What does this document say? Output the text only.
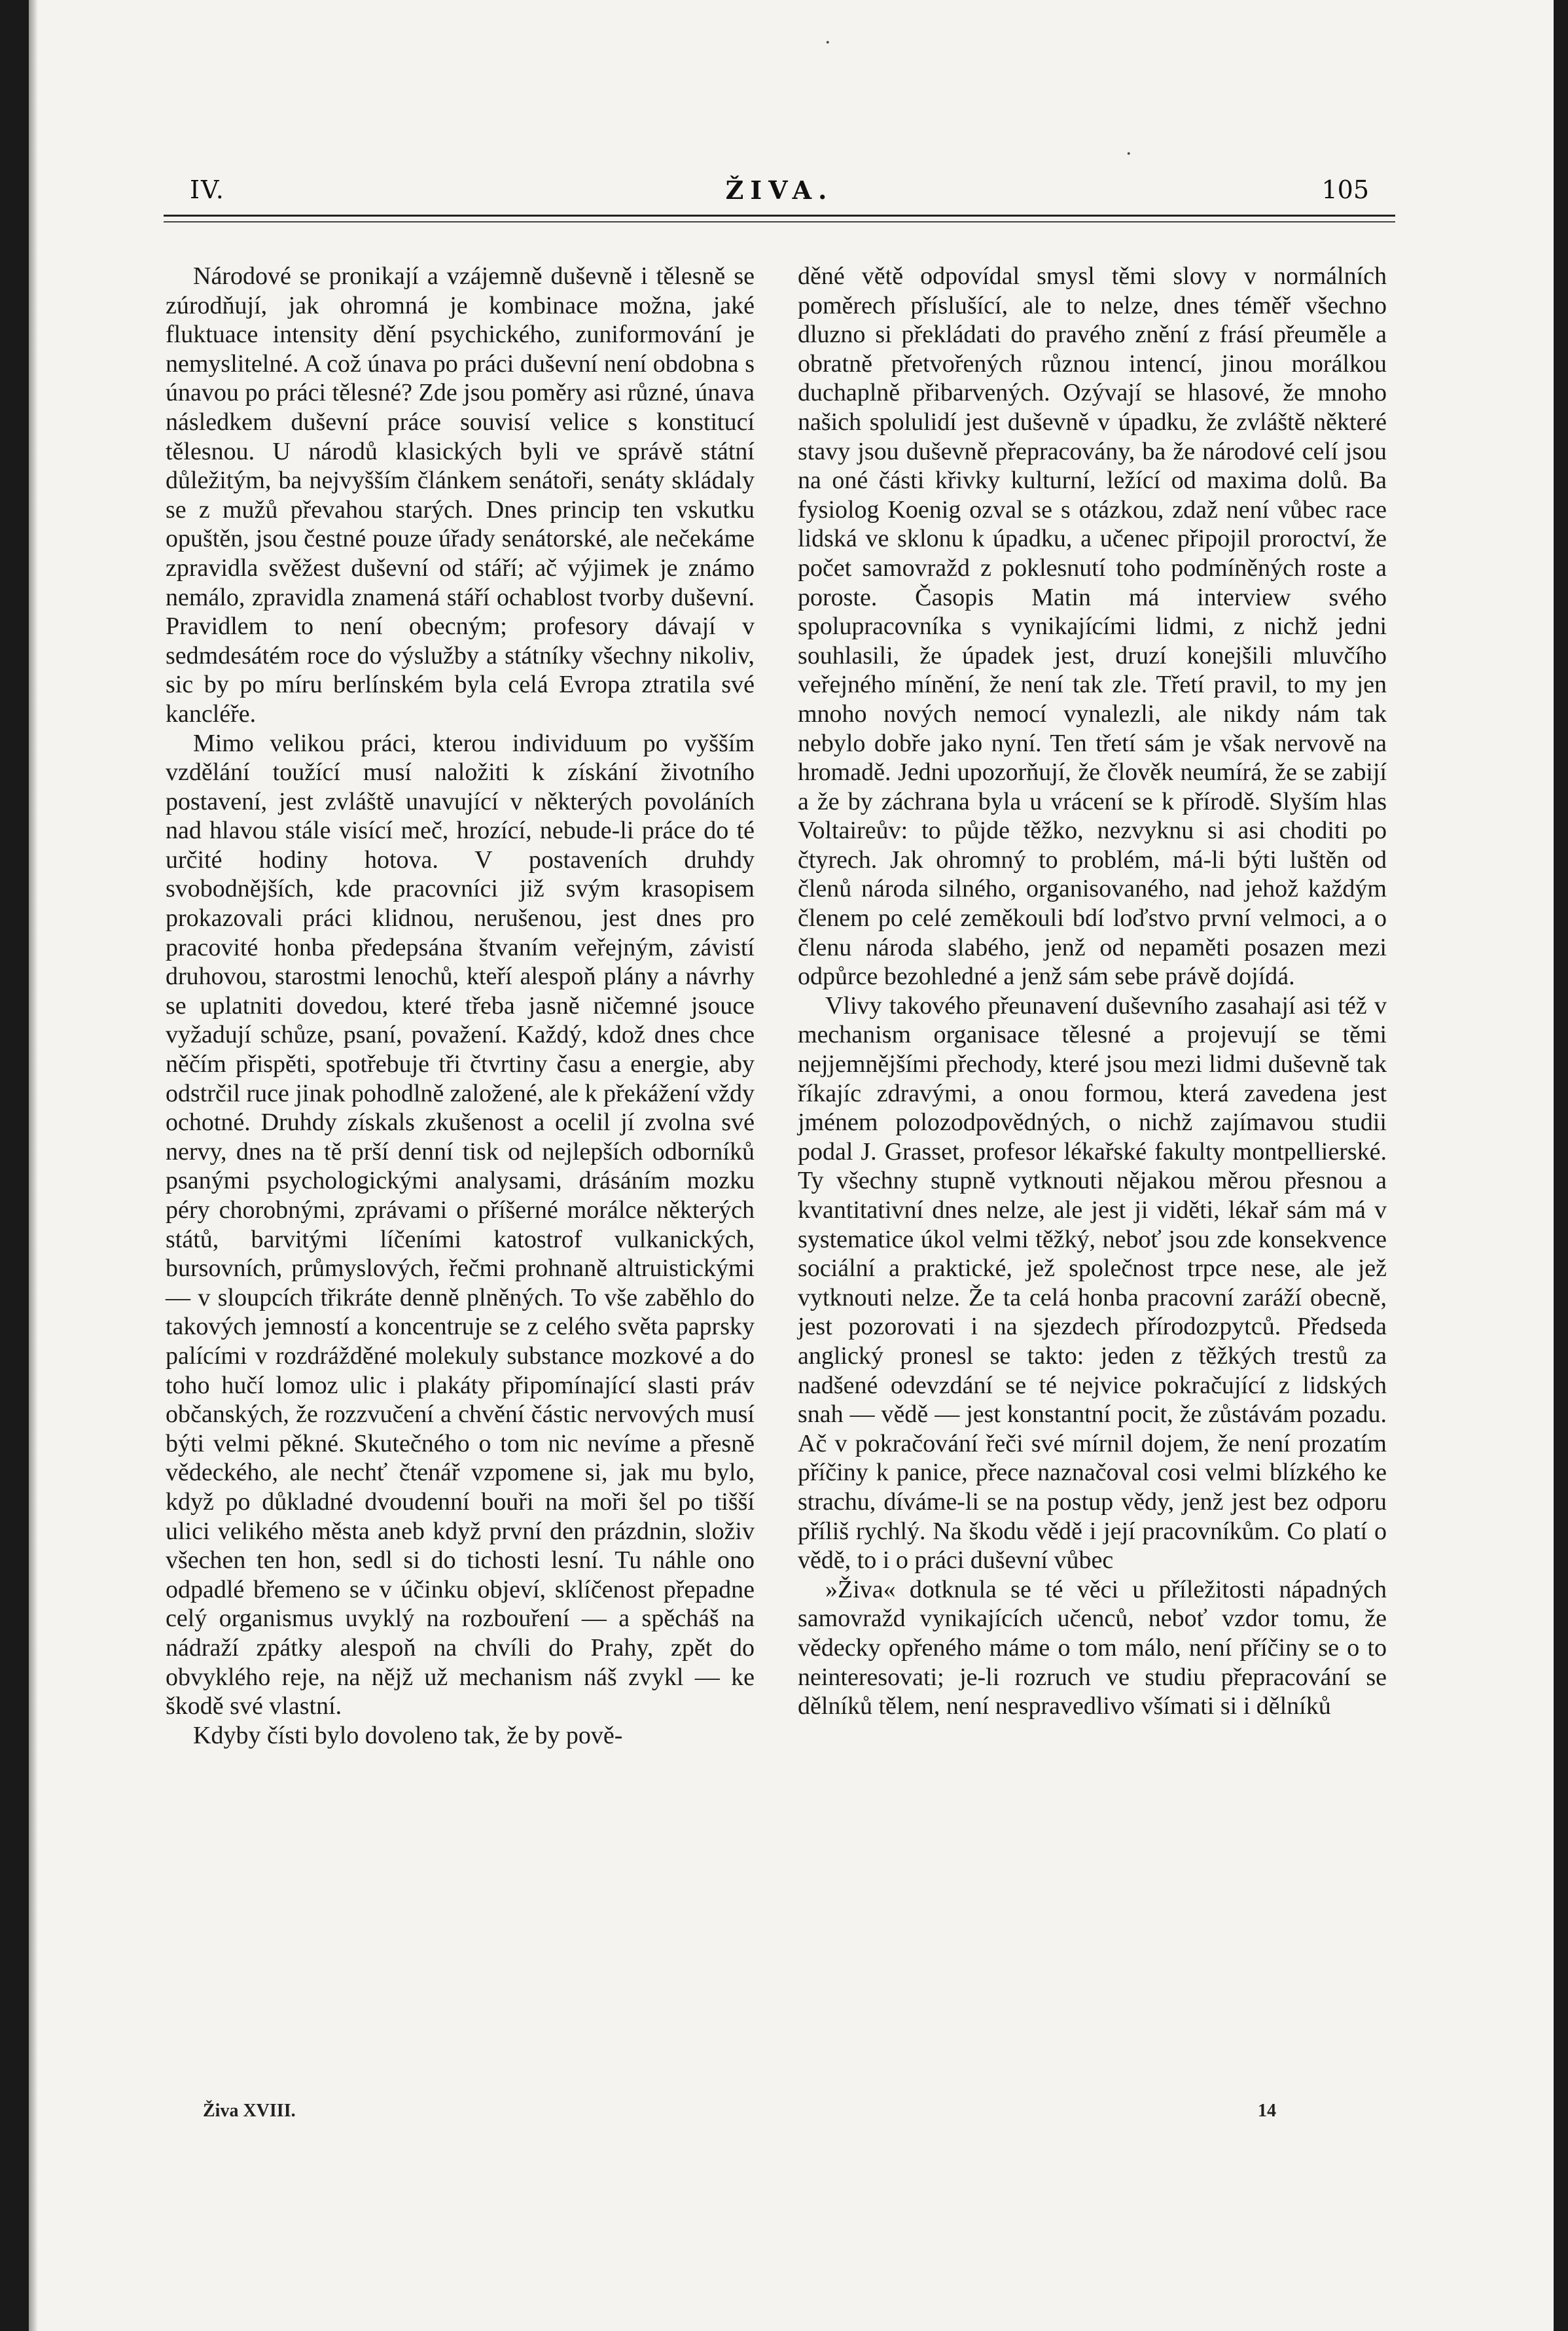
·
·
IV.	ŽIVA.	105

Národové se pronikají a vzájemně duševně i tělesně se zúrodňují, jak ohromná je kombinace možna, jaké fluktuace intensity dění psychického, zuniformování je nemyslitelné. A což únava po práci duševní není obdobna s únavou po práci tělesné? Zde jsou poměry asi různé, únava následkem duševní práce souvisí velice s konstitucí tělesnou. U národů klasických byli ve správě státní důležitým, ba nejvyšším článkem senátoři, senáty skládaly se z mužů převahou starých. Dnes princip ten vskutku opuštěn, jsou čestné pouze úřady senátorské, ale nečekáme zpravidla svěžest duševní od stáří; ač výjimek je známo nemálo, zpravidla znamená stáří ochablost tvorby duševní. Pravidlem to není obecným; profesory dávají v sedmdesátém roce do výslužby a státníky všechny nikoliv, sic by po míru berlínském byla celá Evropa ztratila své kancléře.

Mimo velikou práci, kterou individuum po vyšším vzdělání toužící musí naložiti k získání životního postavení, jest zvláště unavující v některých povoláních nad hlavou stále visící meč, hrozící, nebude-li práce do té určité hodiny hotova. V postaveních druhdy svobodnějších, kde pracovníci již svým krasopisem prokazovali práci klidnou, nerušenou, jest dnes pro pracovité honba předepsána štvaním veřejným, závistí druhovou, starostmi lenochů, kteří alespoň plány a návrhy se uplatniti dovedou, které třeba jasně ničemné jsouce vyžadují schůze, psaní, považení. Každý, kdož dnes chce něčím přispěti, spotřebuje tři čtvrtiny času a energie, aby odstrčil ruce jinak pohodlně založené, ale k překážení vždy ochotné. Druhdy získals zkušenost a ocelil jí zvolna své nervy, dnes na tě prší denní tisk od nejlepších odborníků psanými psychologickými analysami, drásáním mozku péry chorobnými, zprávami o příšerné morálce některých států, barvitými líčeními katostrof vulkanických, bursovních, průmyslových, řečmi prohnaně altruistickými — v sloupcích třikráte denně plněných. To vše zaběhlo do takových jemností a koncentruje se z celého světa paprsky palícími v rozdrážděné molekuly substance mozkové a do toho hučí lomoz ulic i plakáty připomínající slasti práv občanských, že rozzvučení a chvění částic nervových musí býti velmi pěkné. Skutečného o tom nic nevíme a přesně vědeckého, ale nechť čtenář vzpomene si, jak mu bylo, když po důkladné dvoudenní bouři na moři šel po tišší ulici velikého města aneb když první den prázdnin, složiv všechen ten hon, sedl si do tichosti lesní. Tu náhle ono odpadlé břemeno se v účinku objeví, sklíčenost přepadne celý organismus uvyklý na rozbouření — a spěcháš na nádraží zpátky alespoň na chvíli do Prahy, zpět do obvyklého reje, na nějž už mechanism náš zvykl — ke škodě své vlastní.

Kdyby čísti bylo dovoleno tak, že by pově-

děné větě odpovídal smysl těmi slovy v normálních poměrech příslušící, ale to nelze, dnes téměř všechno dluzno si překládati do pravého znění z frásí přeuměle a obratně přetvořených různou intencí, jinou morálkou duchaplně přibarvených. Ozývají se hlasové, že mnoho našich spolulidí jest duševně v úpadku, že zvláště některé stavy jsou duševně přepracovány, ba že národové celí jsou na oné části křivky kulturní, ležící od maxima dolů. Ba fysiolog Koenig ozval se s otázkou, zdaž není vůbec race lidská ve sklonu k úpadku, a učenec připojil proroctví, že počet samovražd z poklesnutí toho podmíněných roste a poroste. Časopis Matin má interview svého spolupracovníka s vynikajícími lidmi, z nichž jedni souhlasili, že úpadek jest, druzí konejšili mluvčího veřejného mínění, že není tak zle. Třetí pravil, to my jen mnoho nových nemocí vynalezli, ale nikdy nám tak nebylo dobře jako nyní. Ten třetí sám je však nervově na hromadě. Jedni upozorňují, že člověk neumírá, že se zabijí a že by záchrana byla u vrácení se k přírodě. Slyším hlas Voltaireův: to půjde těžko, nezvyknu si asi choditi po čtyrech. Jak ohromný to problém, má-li býti luštěn od členů národa silného, organisovaného, nad jehož každým členem po celé zeměkouli bdí loďstvo první velmoci, a o členu národa slabého, jenž od nepaměti posazen mezi odpůrce bezohledné a jenž sám sebe právě dojídá.

Vlivy takového přeunavení duševního zasahají asi též v mechanism organisace tělesné a projevují se těmi nejjemnějšími přechody, které jsou mezi lidmi duševně tak říkajíc zdravými, a onou formou, která zavedena jest jménem polozodpovědných, o nichž zajímavou studii podal J. Grasset, profesor lékařské fakulty montpellierské. Ty všechny stupně vytknouti nějakou měrou přesnou a kvantitativní dnes nelze, ale jest ji viděti, lékař sám má v systematice úkol velmi těžký, neboť jsou zde konsekvence sociální a praktické, jež společnost trpce nese, ale jež vytknouti nelze. Že ta celá honba pracovní zaráží obecně, jest pozorovati i na sjezdech přírodozpytců. Předseda anglický pronesl se takto: jeden z těžkých trestů za nadšené odevzdání se té nejvice pokračující z lidských snah — vědě — jest konstantní pocit, že zůstávám pozadu. Ač v pokračování řeči své mírnil dojem, že není prozatím příčiny k panice, přece naznačoval cosi velmi blízkého ke strachu, díváme-li se na postup vědy, jenž jest bez odporu příliš rychlý. Na škodu vědě i její pracovníkům. Co platí o vědě, to i o práci duševní vůbec

»Živa« dotknula se té věci u příležitosti nápadných samovražd vynikajících učenců, neboť vzdor tomu, že vědecky opřeného máme o tom málo, není příčiny se o to neinteresovati; je-li rozruch ve studiu přepracování se dělníků tělem, není nespravedlivo všímati si i dělníků

Živa XVIII.	14
